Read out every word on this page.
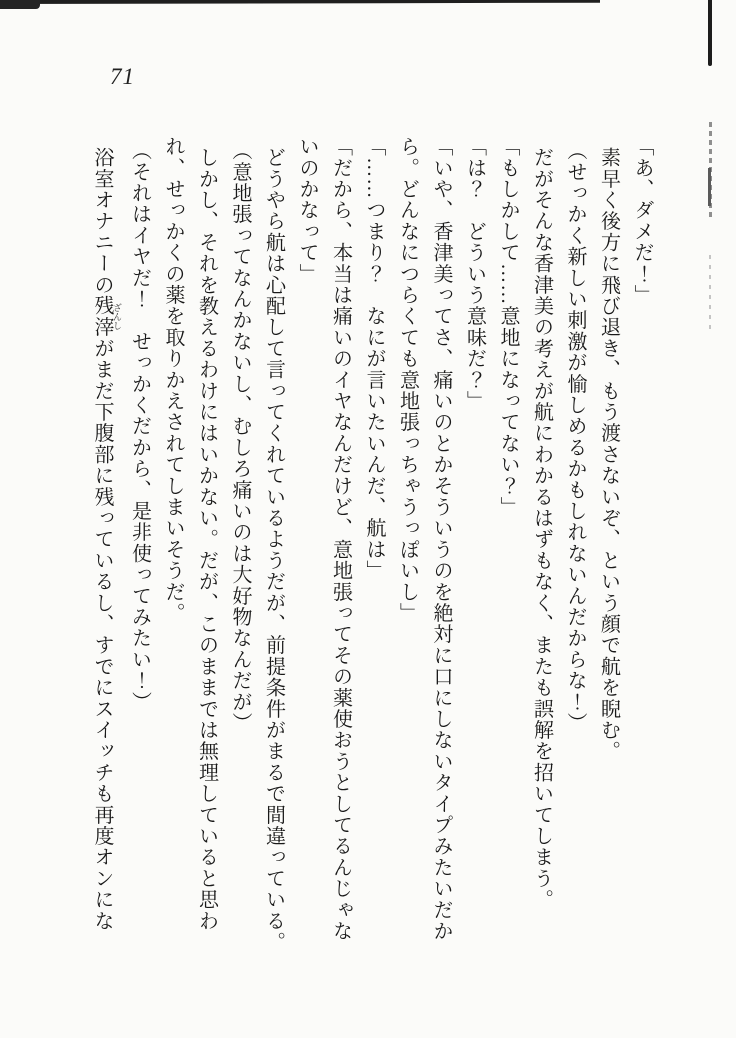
71
「あ、ダメだ！」
素早く後方に飛び退き、もう渡さないぞ、という顔で航を睨む。
（せっかく新しい刺激が愉しめるかもしれないんだからな！）
だがそんな香津美の考えが航にわかるはずもなく、またも誤解を招いてしまう。
「もしかして……意地になってない？」
「は？　どういう意味だ？」
「いや、香津美ってさ、痛いのとかそういうのを絶対に口にしないタイプみたいだか
ら。どんなにつらくても意地張っちゃうっぽいし」
「……つまり？　なにが言いたいんだ、航は」
「だから、本当は痛いのイヤなんだけど、意地張ってその薬使おうとしてるんじゃな
いのかなって」
どうやら航は心配して言ってくれているようだが、前提条件がまるで間違っている。
（意地張ってなんかないし、むしろ痛いのは大好物なんだが）
しかし、それを教えるわけにはいかない。だが、このままでは無理していると思わ
れ、せっかくの薬を取りかえされてしまいそうだ。
（それはイヤだ！　せっかくだから、是非使ってみたい！）
浴室オナニーの残滓 ざんしがまだ下腹部に残っているし、すでにスイッチも再度オンにな
